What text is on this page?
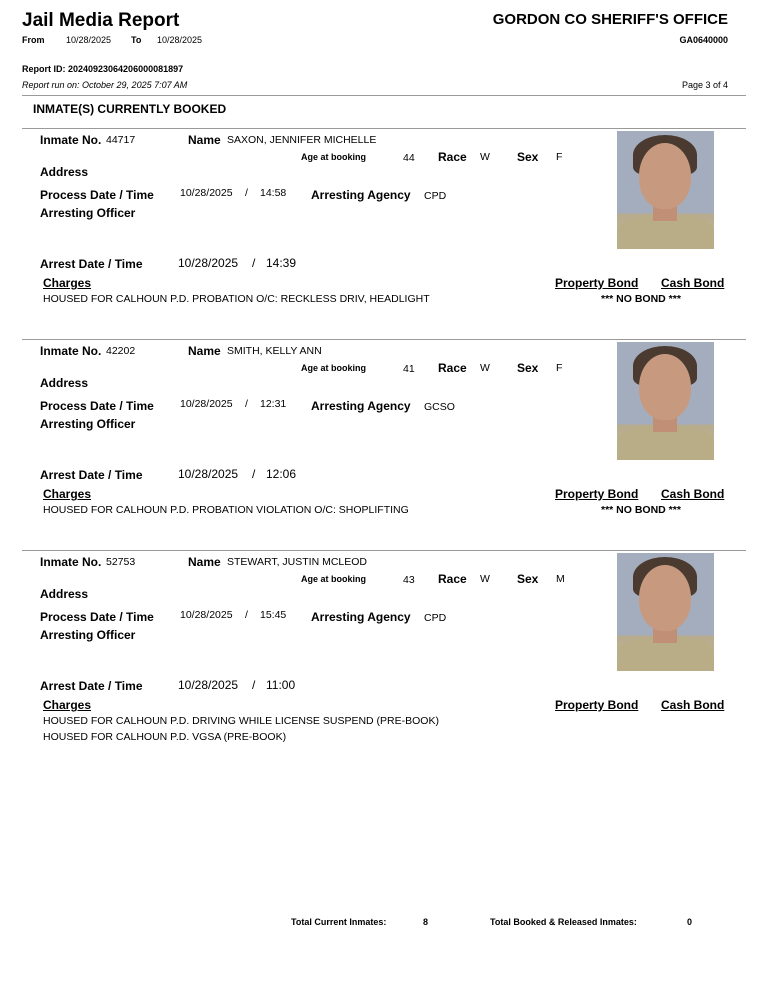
Jail Media Report
From 10/28/2025 To 10/28/2025
GORDON CO SHERIFF'S OFFICE
GA0640000
Report ID: 20240923064206000081897
Report run on: October 29, 2025 7:07 AM	Page 3 of 4
INMATE(S) CURRENTLY BOOKED
Inmate No. 44717	Name SAXON, JENNIFER MICHELLE
Age at booking	44 Race W Sex F
Address
Process Date / Time 10/28/2025 / 14:58 Arresting Agency CPD
Arresting Officer
Arrest Date / Time	10/28/2025 / 14:39
Charges	Property Bond Cash Bond
HOUSED FOR CALHOUN P.D. PROBATION O/C: RECKLESS DRIV, HEADLIGHT	*** NO BOND ***
Inmate No. 42202	Name SMITH, KELLY ANN
Age at booking	41 Race W Sex F
Address
Process Date / Time 10/28/2025 / 12:31 Arresting Agency GCSO
Arresting Officer
Arrest Date / Time	10/28/2025 / 12:06
Charges	Property Bond Cash Bond
HOUSED FOR CALHOUN P.D. PROBATION VIOLATION O/C: SHOPLIFTING	*** NO BOND ***
Inmate No. 52753	Name STEWART, JUSTIN MCLEOD
Age at booking	43 Race W Sex M
Address
Process Date / Time 10/28/2025 / 15:45 Arresting Agency CPD
Arresting Officer
Arrest Date / Time	10/28/2025 / 11:00
Charges	Property Bond Cash Bond
HOUSED FOR CALHOUN P.D. DRIVING WHILE LICENSE SUSPEND (PRE-BOOK)
HOUSED FOR CALHOUN P.D. VGSA (PRE-BOOK)
Total Current Inmates:	8	Total Booked & Released Inmates:	0
